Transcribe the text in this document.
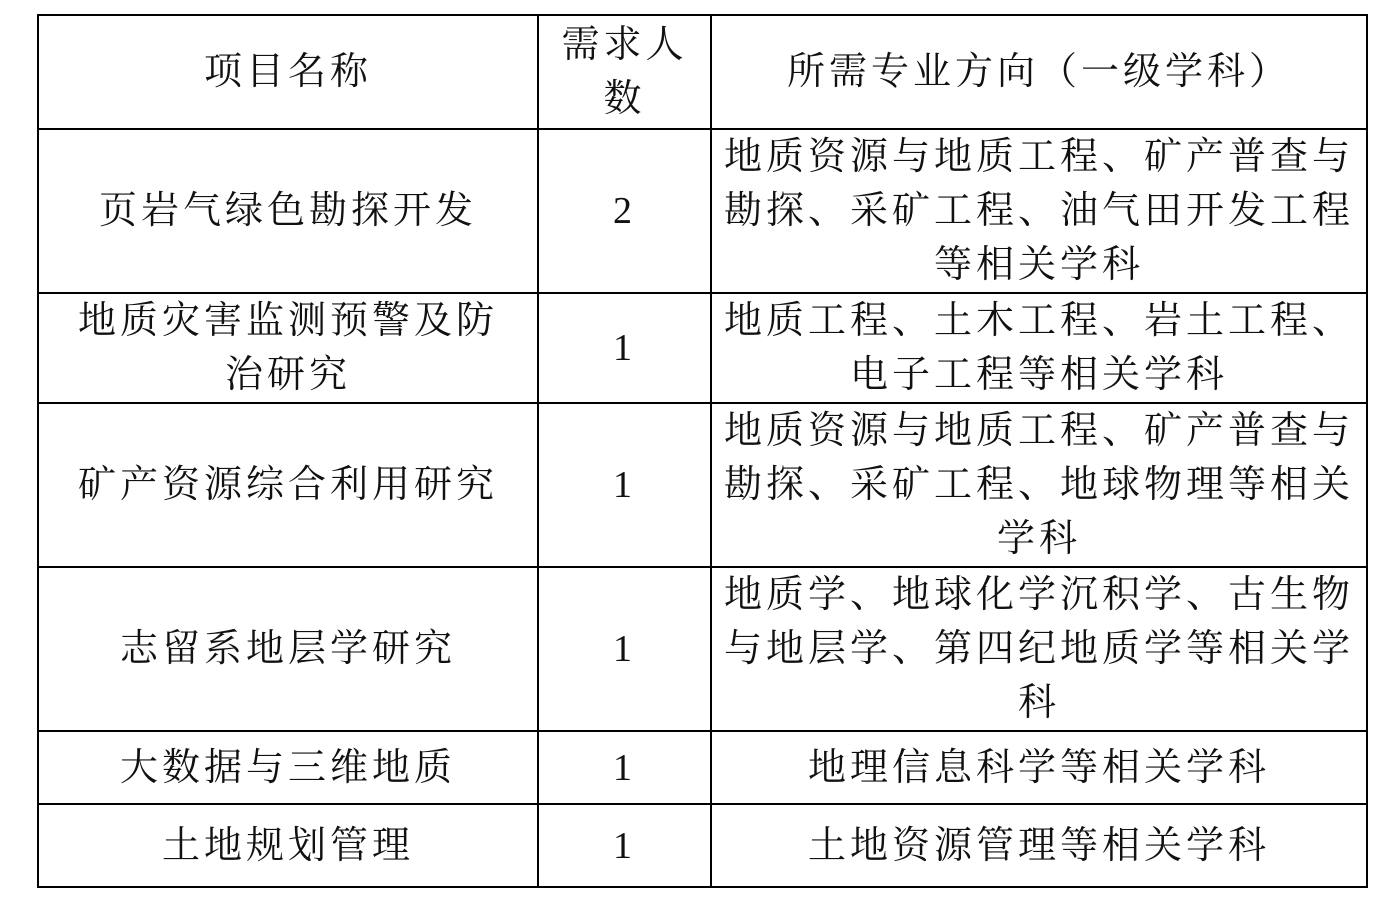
项目名称	需求人数	所需专业方向（一级学科）
页岩气绿色勘探开发	2	地质资源与地质工程、矿产普查与勘探、采矿工程、油气田开发工程等相关学科
地质灾害监测预警及防治研究	1	地质工程、土木工程、岩土工程、电子工程等相关学科
矿产资源综合利用研究	1	地质资源与地质工程、矿产普查与勘探、采矿工程、地球物理等相关学科
志留系地层学研究	1	地质学、地球化学沉积学、古生物与地层学、第四纪地质学等相关学科
大数据与三维地质	1	地理信息科学等相关学科
土地规划管理	1	土地资源管理等相关学科
